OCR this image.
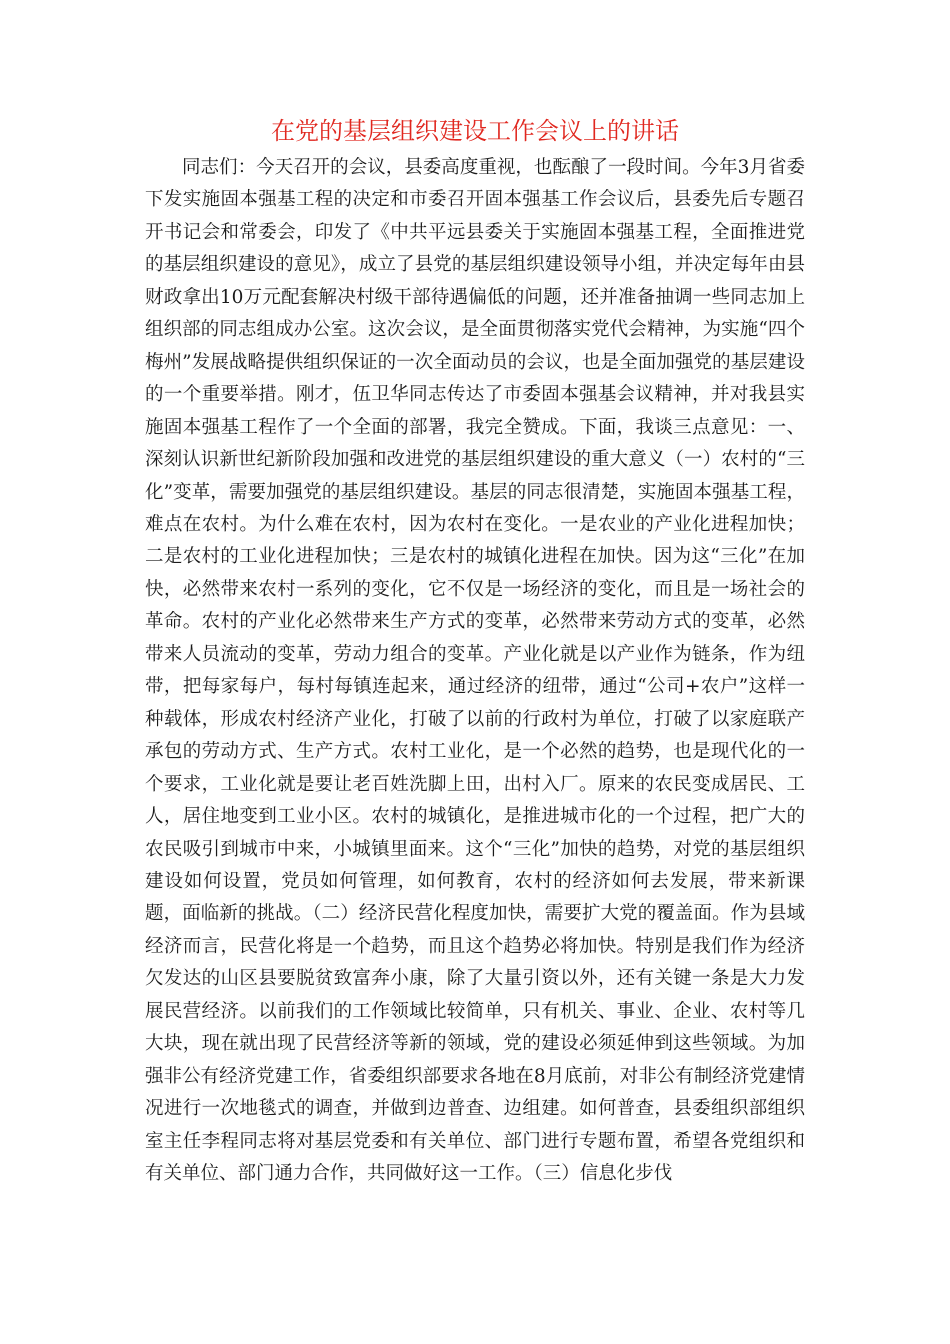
在党的基层组织建设工作会议上的讲话

同志们：今天召开的会议，县委高度重视，也酝酿了一段时间。今年3月省委下发实施固本强基工程的决定和市委召开固本强基工作会议后，县委先后专题召开书记会和常委会，印发了《中共平远县委关于实施固本强基工程，全面推进党的基层组织建设的意见》，成立了县党的基层组织建设领导小组，并决定每年由县财政拿出10万元配套解决村级干部待遇偏低的问题，还并准备抽调一些同志加上组织部的同志组成办公室。这次会议，是全面贯彻落实党代会精神，为实施“四个梅州”发展战略提供组织保证的一次全面动员的会议，也是全面加强党的基层建设的一个重要举措。刚才，伍卫华同志传达了市委固本强基会议精神，并对我县实施固本强基工程作了一个全面的部署，我完全赞成。下面，我谈三点意见：一、深刻认识新世纪新阶段加强和改进党的基层组织建设的重大意义（一）农村的“三化”变革，需要加强党的基层组织建设。基层的同志很清楚，实施固本强基工程，难点在农村。为什么难在农村，因为农村在变化。一是农业的产业化进程加快；二是农村的工业化进程加快；三是农村的城镇化进程在加快。因为这“三化”在加快，必然带来农村一系列的变化，它不仅是一场经济的变化，而且是一场社会的革命。农村的产业化必然带来生产方式的变革，必然带来劳动方式的变革，必然带来人员流动的变革，劳动力组合的变革。产业化就是以产业作为链条，作为纽带，把每家每户，每村每镇连起来，通过经济的纽带，通过“公司+农户”这样一种载体，形成农村经济产业化，打破了以前的行政村为单位，打破了以家庭联产承包的劳动方式、生产方式。农村工业化，是一个必然的趋势，也是现代化的一个要求，工业化就是要让老百姓洗脚上田，出村入厂。原来的农民变成居民、工人，居住地变到工业小区。农村的城镇化，是推进城市化的一个过程，把广大的农民吸引到城市中来，小城镇里面来。这个“三化”加快的趋势，对党的基层组织建设如何设置，党员如何管理，如何教育，农村的经济如何去发展，带来新课题，面临新的挑战。（二）经济民营化程度加快，需要扩大党的覆盖面。作为县域经济而言，民营化将是一个趋势，而且这个趋势必将加快。特别是我们作为经济欠发达的山区县要脱贫致富奔小康，除了大量引资以外，还有关键一条是大力发展民营经济。以前我们的工作领域比较简单，只有机关、事业、企业、农村等几大块，现在就出现了民营经济等新的领域，党的建设必须延伸到这些领域。为加强非公有经济党建工作，省委组织部要求各地在8月底前，对非公有制经济党建情况进行一次地毯式的调查，并做到边普查、边组建。如何普查，县委组织部组织室主任李程同志将对基层党委和有关单位、部门进行专题布置，希望各党组织和有关单位、部门通力合作，共同做好这一工作。（三）信息化步伐
